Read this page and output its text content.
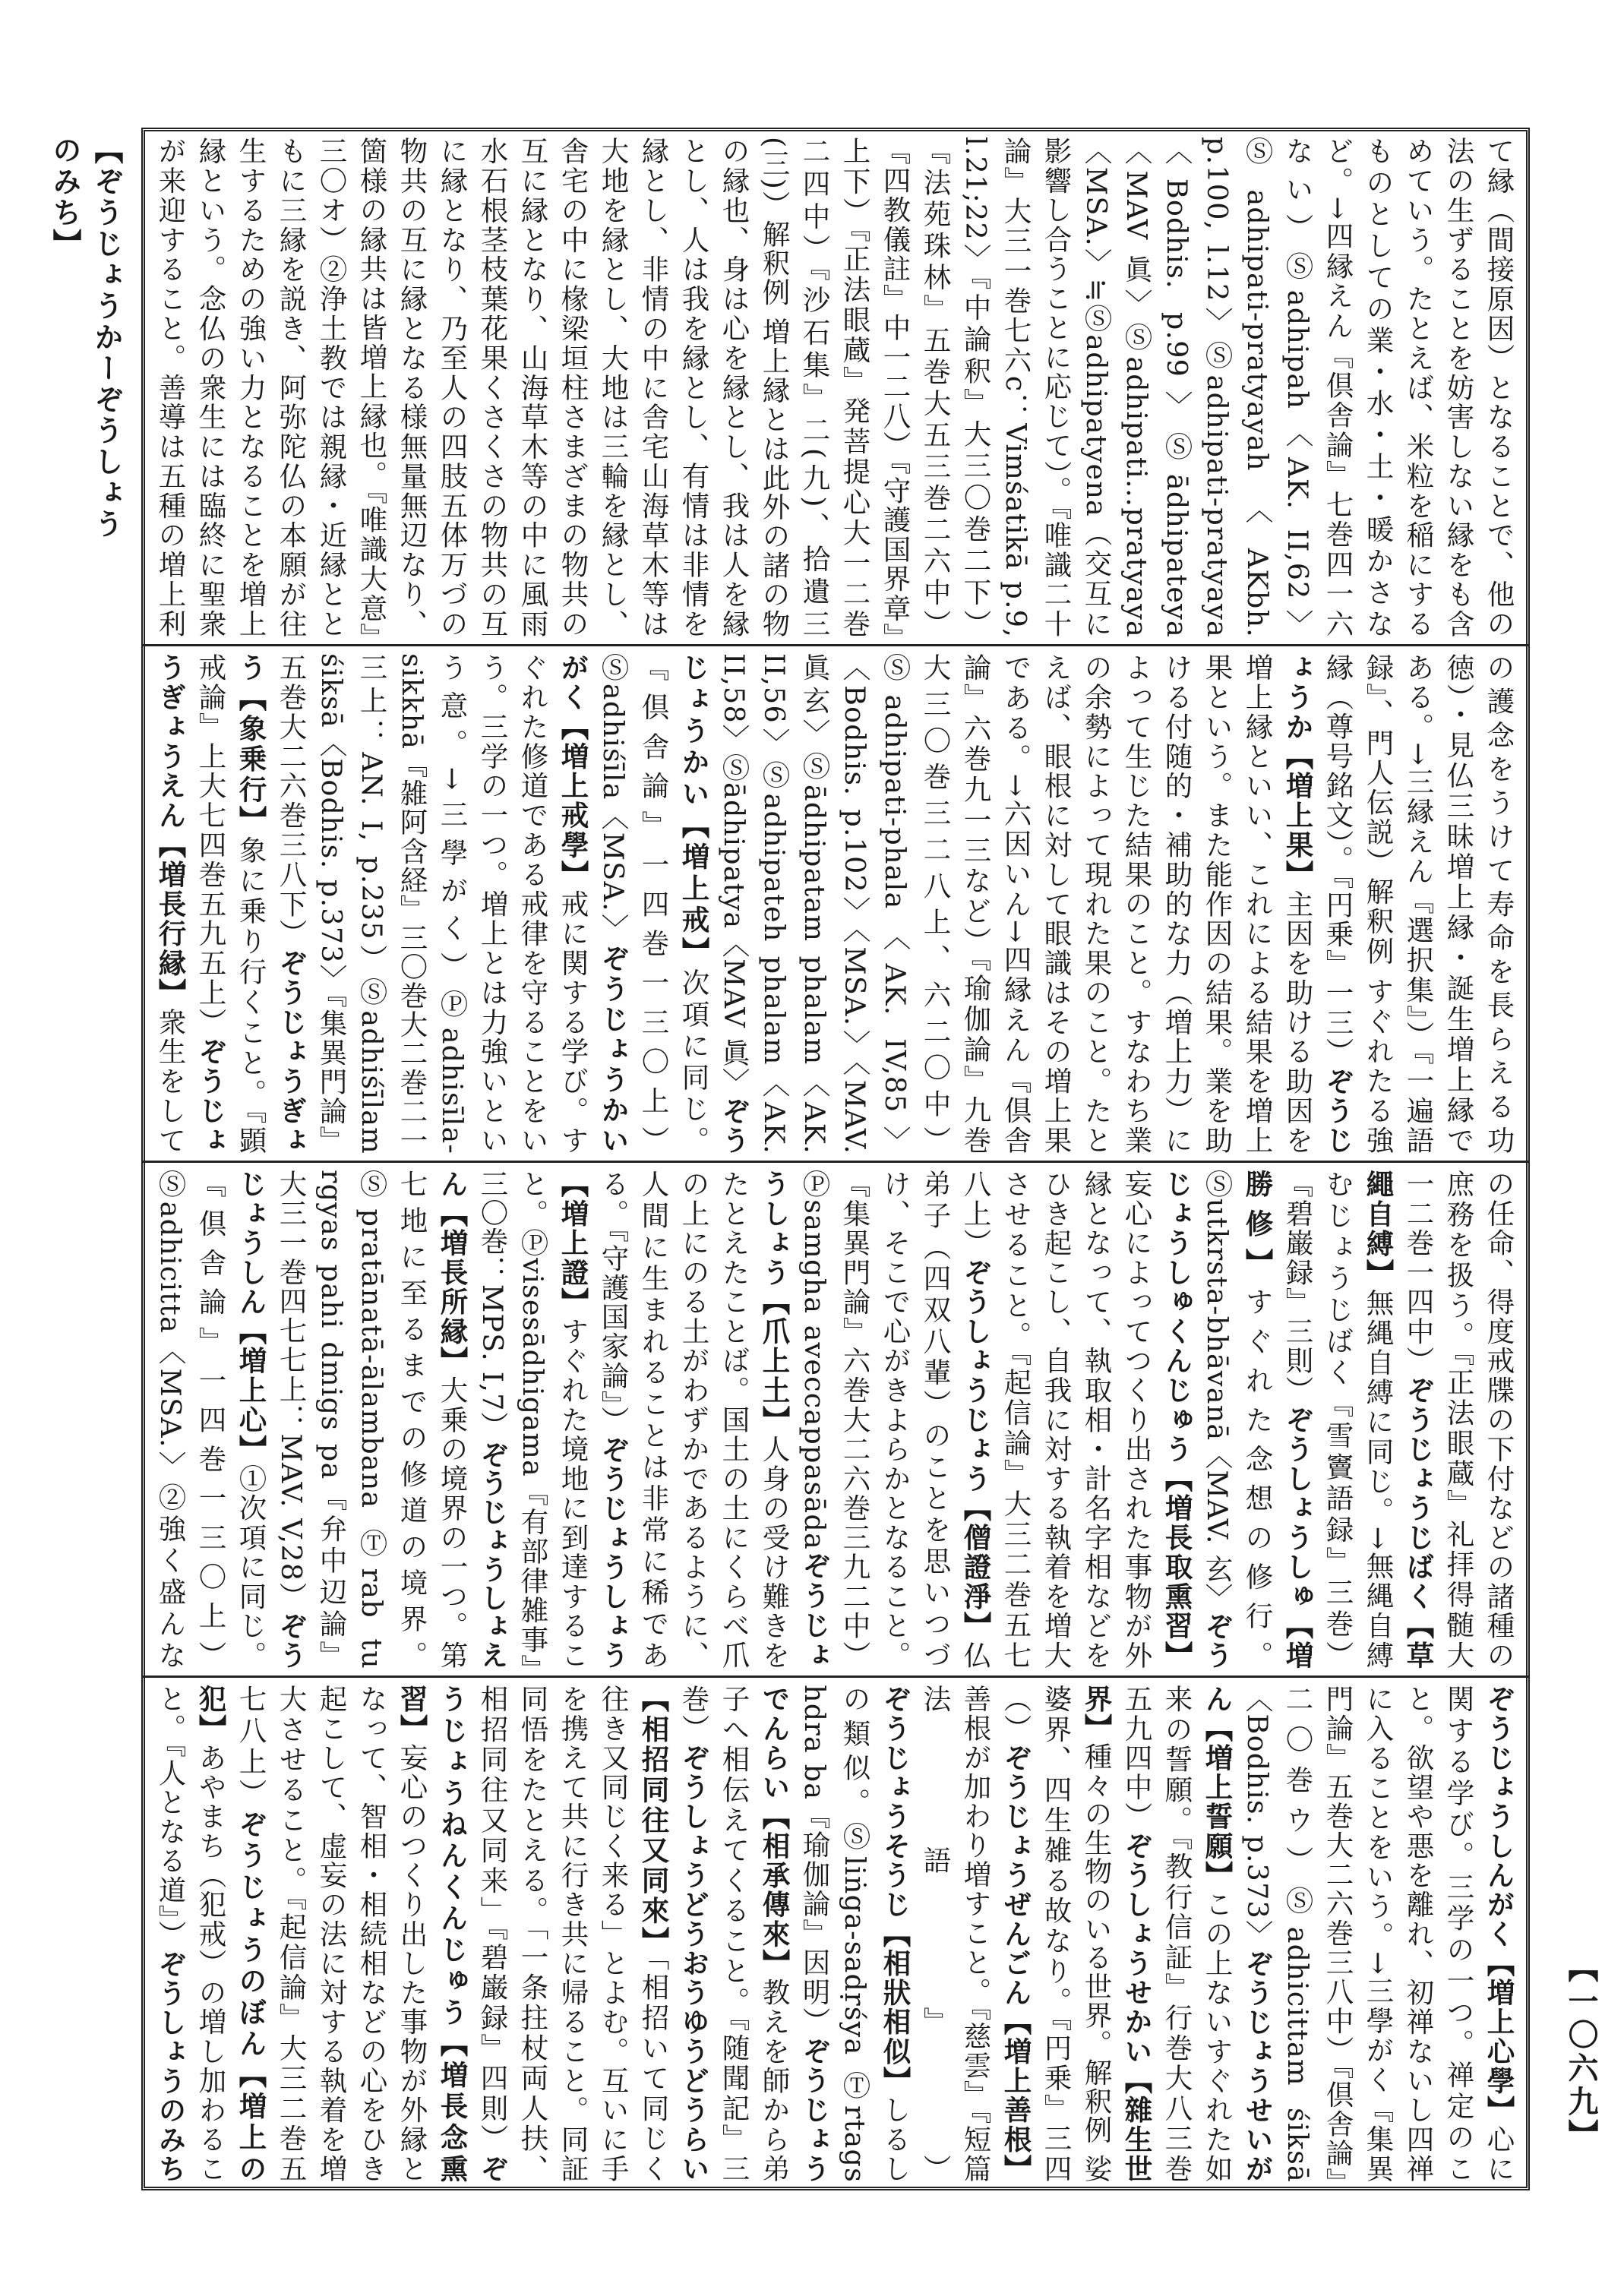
【ぞうじょうかーぞうしょうのみち】	て縁（間接原因）となることで、他の法の生ずることを妨害しない縁をも含めていう。たとえば、米粒を稲にするものとしての業・水・土・暖かさなど。→四縁えん『倶舎論』七巻四一六ない）Ⓢadhipah〈AK. II,62〉Ⓢadhipati-pratyayah〈AKbh. p.100, l.12〉Ⓢadhipati-pratyaya〈Bodhis. p.99〉Ⓢādhipateya〈MAV 眞〉Ⓢadhipati…pratyaya〈MSA.〉≒Ⓢadhipatyena（交互に影響し合うことに応じて）。『唯識二十論』大三一巻七六c：Vimśatikā p.9, l.21;22〉『中論釈』大三〇巻二下）『法苑珠林』五巻大五三巻二六中）『四教儀註』中一二八）『守護国界章』上下）『正法眼蔵』発菩提心大一二巻二四中）『沙石集』二(九)、拾遺三(三)）解釈例 増上縁とは此外の諸の物の縁也、身は心を縁とし、我は人を縁とし、人は我を縁とし、有情は非情を縁とし、非情の中に舎宅山海草木等は大地を縁とし、大地は三輪を縁とし、舎宅の中に椽梁垣柱さまざまの物共の互に縁となり、山海草木等の中に風雨水石根茎枝葉花果くさくさの物共の互に縁となり、乃至人の四肢五体万づの物共の互に縁となる様無量無辺なり、箇様の縁共は皆増上縁也。『唯識大意』三〇オ）②浄土教では親縁・近縁とともに三縁を説き、阿弥陀仏の本願が往生するための強い力となることを増上縁という。念仏の衆生には臨終に聖衆が来迎すること。善導は五種の増上利
の護念をうけて寿命を長らえる功徳）・見仏三昧増上縁・誕生増上縁である。→三縁えん『選択集』）『一遍語録』、門人伝説）解釈例 すぐれたる強縁（尊号銘文）。『円乗』一三）ぞうじょうか【増上果】主因を助ける助因を増上縁といい、これによる結果を増上果という。また能作因の結果。業を助ける付随的・補助的な力（増上力）によって生じた結果のこと。すなわち業の余勢によって現れた果のこと。たとえば、眼根に対して眼識はその増上果である。→六因いん→四縁えん『倶舎論』六巻九一三など）『瑜伽論』九巻大三〇巻三二八上、六二〇中）Ⓢadhipati-phala〈AK. IV,85〉〈Bodhis. p.102〉〈MSA.〉〈MAV. 眞玄〉Ⓢādhipatam phalam〈AK. II,56〉Ⓢadhipateh phalam〈AK. II,58〉Ⓢādhipatya〈MAV 眞〉ぞうじょうかい【増上戒】次項に同じ。『倶舎論』一四巻一三〇上）Ⓢadhiśīla〈MSA.〉ぞうじょうかいがく【増上戒學】戒に関する学び。すぐれた修道である戒律を守ることをいう。三学の一つ。増上とは力強いという意。→三學がく）Ⓟadhisīla-sikkhā『雑阿含経』三〇巻大二巻二一三上：AN. I, p.235）Ⓢadhiśīlam śiksā〈Bodhis. p.373〉『集異門論』五巻大二六巻三八下）ぞうじょうぎょう【象乗行】象に乗り行くこと。『顕戒論』上大七四巻五九五上）ぞうじょうぎょうえん【増長行縁】衆生をして
の任命、得度戒牒の下付などの諸種の庶務を扱う。『正法眼蔵』礼拝得髄大一二巻一四中）ぞうじょうじばく【草繩自縛】無縄自縛に同じ。→無縄自縛むじょうじばく『雪竇語録』三巻）『碧巌録』三則）ぞうしょうしゅ【増勝修】すぐれた念想の修行。Ⓢutkrsta-bhāvanā〈MAV. 玄〉ぞうじょうしゅくんじゅう【増長取熏習】妄心によってつくり出された事物が外縁となって、執取相・計名字相などをひき起こし、自我に対する執着を増大させること。『起信論』大三二巻五七八上）ぞうしょうじょう【僧證淨】仏弟子（四双八輩）のことを思いつづけ、そこで心がきよらかとなること。『集異門論』六巻大二六巻三九二中）Ⓟsamgha aveccappasādaぞうじょうしょう【爪上土】人身の受け難きをたとえたことば。国土の土にくらべ爪の上にのる土がわずかであるように、人間に生まれることは非常に稀である。『守護国家論』）ぞうじょうしょう【増上證】すぐれた境地に到達すること。Ⓟvisesādhigama『有部律雑事』三〇巻：MPS. I,7）ぞうじょうしょえん【増長所縁】大乗の境界の一つ。第七地に至るまでの修道の境界。Ⓢpratānatā-ālambana Ⓣrab tu rgyas pahi dmigs pa『弁中辺論』大三一巻四七七上：MAV. V,28）ぞうじょうしん【増上心】①次項に同じ。『倶舎論』一四巻一三〇上）Ⓢadhicitta〈MSA.〉②強く盛んな
ぞうじょうしんがく【増上心學】心に関する学び。三学の一つ。禅定のこと。欲望や悪を離れ、初禅ないし四禅に入ることをいう。→三學がく『集異門論』五巻大二六巻三八中）『倶舎論』二〇巻ウ）Ⓢadhicittam śiksā〈Bodhis. p.373〉ぞうじょうせいがん【増上誓願】この上ないすぐれた如来の誓願。『教行信証』行巻大八三巻五九四中）ぞうしょうせかい【雜生世界】種々の生物のいる世界。解釈例 娑婆界、四生雑る故なり。『円乗』三四（）ぞうじょうぜんごん【増上善根】善根が加わり増すこと。『慈雲』『短篇法語』）ぞうじょうそうじ【相狀相似】しるしの類似。Ⓢliṅga-sadṛśya Ⓣrtags hdra ba『瑜伽論』因明）ぞうじょうでんらい【相承傳來】教えを師から弟子へ相伝えてくること。『随聞記』三巻）ぞうしょうどうおうゆうどうらい【相招同往又同來】「相招いて同じく往き又同じく来る」とよむ。互いに手を携えて共に行き共に帰ること。同証同悟をたとえる。「一条拄杖両人扶、相招同往又同来」『碧巌録』四則）ぞうじょうねんくんじゅう【増長念熏習】妄心のつくり出した事物が外縁となって、智相・相続相などの心をひき起こして、虚妄の法に対する執着を増大させること。『起信論』大三二巻五七八上）ぞうじょうのぼん【増上の犯】あやまち（犯戒）の増し加わること。『人となる道』）ぞうしょうのみち
【一〇六九】
